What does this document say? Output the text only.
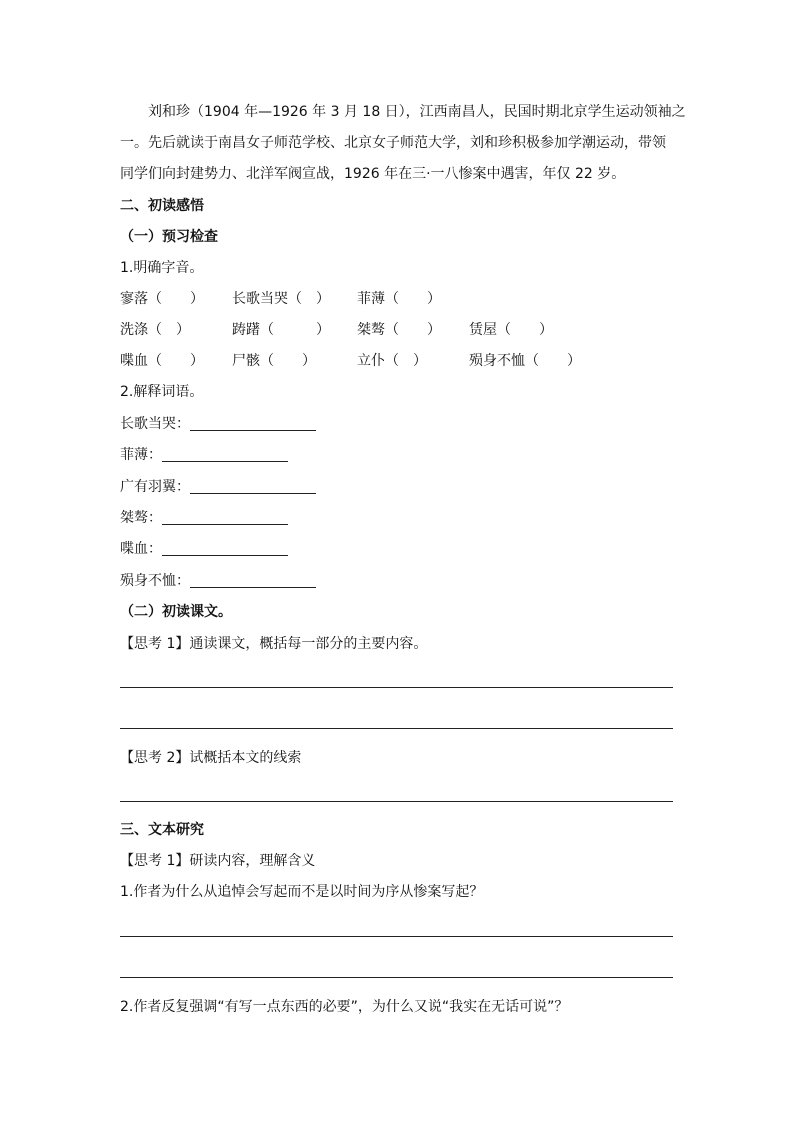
刘和珍（1904 年—1926 年 3 月 18 日），江西南昌人，民国时期北京学生运动领袖之
一。先后就读于南昌女子师范学校、北京女子师范大学，刘和珍积极参加学潮运动，带领
同学们向封建势力、北洋军阀宣战，1926 年在三·一八惨案中遇害，年仅 22 岁。
二、初读感悟
（一）预习检查
1.明确字音。
寥落（　　） 长歌当哭（　） 菲薄（　　）
洗涤（　）	踌躇（　　　） 桀骜（　　） 赁屋（　　）
喋血（　　） 尸骸（　　）	立仆（　）	殒身不恤（　　）
2.解释词语。
长歌当哭：
菲薄：
广有羽翼：
桀骜：
喋血：
殒身不恤：
（二）初读课文。
【思考 1】通读课文，概括每一部分的主要内容。
【思考 2】试概括本文的线索
三、文本研究
【思考 1】研读内容，理解含义
1.作者为什么从追悼会写起而不是以时间为序从惨案写起？
2.作者反复强调“有写一点东西的必要”，为什么又说“我实在无话可说”？
